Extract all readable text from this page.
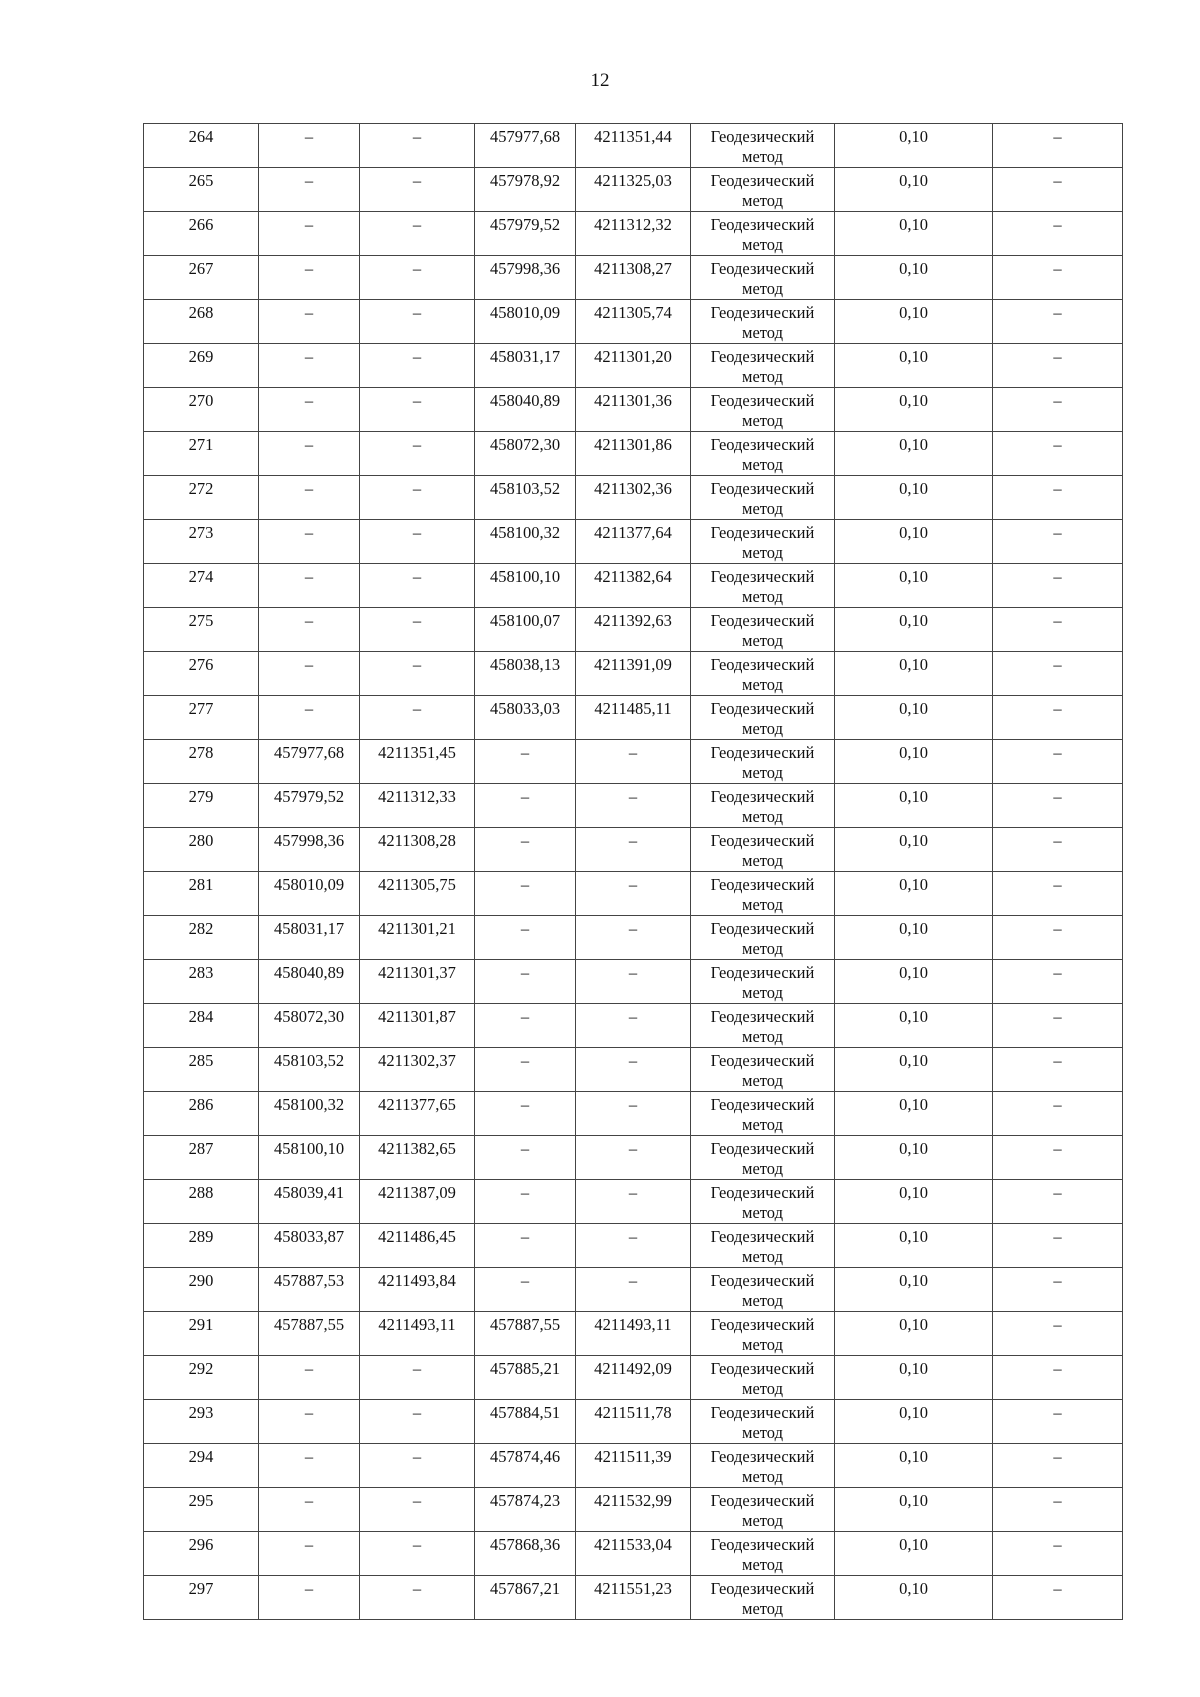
12
264	–	–	457977,68	4211351,44	Геодезический метод	0,10	–
265	–	–	457978,92	4211325,03	Геодезический метод	0,10	–
266	–	–	457979,52	4211312,32	Геодезический метод	0,10	–
267	–	–	457998,36	4211308,27	Геодезический метод	0,10	–
268	–	–	458010,09	4211305,74	Геодезический метод	0,10	–
269	–	–	458031,17	4211301,20	Геодезический метод	0,10	–
270	–	–	458040,89	4211301,36	Геодезический метод	0,10	–
271	–	–	458072,30	4211301,86	Геодезический метод	0,10	–
272	–	–	458103,52	4211302,36	Геодезический метод	0,10	–
273	–	–	458100,32	4211377,64	Геодезический метод	0,10	–
274	–	–	458100,10	4211382,64	Геодезический метод	0,10	–
275	–	–	458100,07	4211392,63	Геодезический метод	0,10	–
276	–	–	458038,13	4211391,09	Геодезический метод	0,10	–
277	–	–	458033,03	4211485,11	Геодезический метод	0,10	–
278	457977,68	4211351,45	–	–	Геодезический метод	0,10	–
279	457979,52	4211312,33	–	–	Геодезический метод	0,10	–
280	457998,36	4211308,28	–	–	Геодезический метод	0,10	–
281	458010,09	4211305,75	–	–	Геодезический метод	0,10	–
282	458031,17	4211301,21	–	–	Геодезический метод	0,10	–
283	458040,89	4211301,37	–	–	Геодезический метод	0,10	–
284	458072,30	4211301,87	–	–	Геодезический метод	0,10	–
285	458103,52	4211302,37	–	–	Геодезический метод	0,10	–
286	458100,32	4211377,65	–	–	Геодезический метод	0,10	–
287	458100,10	4211382,65	–	–	Геодезический метод	0,10	–
288	458039,41	4211387,09	–	–	Геодезический метод	0,10	–
289	458033,87	4211486,45	–	–	Геодезический метод	0,10	–
290	457887,53	4211493,84	–	–	Геодезический метод	0,10	–
291	457887,55	4211493,11	457887,55	4211493,11	Геодезический метод	0,10	–
292	–	–	457885,21	4211492,09	Геодезический метод	0,10	–
293	–	–	457884,51	4211511,78	Геодезический метод	0,10	–
294	–	–	457874,46	4211511,39	Геодезический метод	0,10	–
295	–	–	457874,23	4211532,99	Геодезический метод	0,10	–
296	–	–	457868,36	4211533,04	Геодезический метод	0,10	–
297	–	–	457867,21	4211551,23	Геодезический метод	0,10	–
